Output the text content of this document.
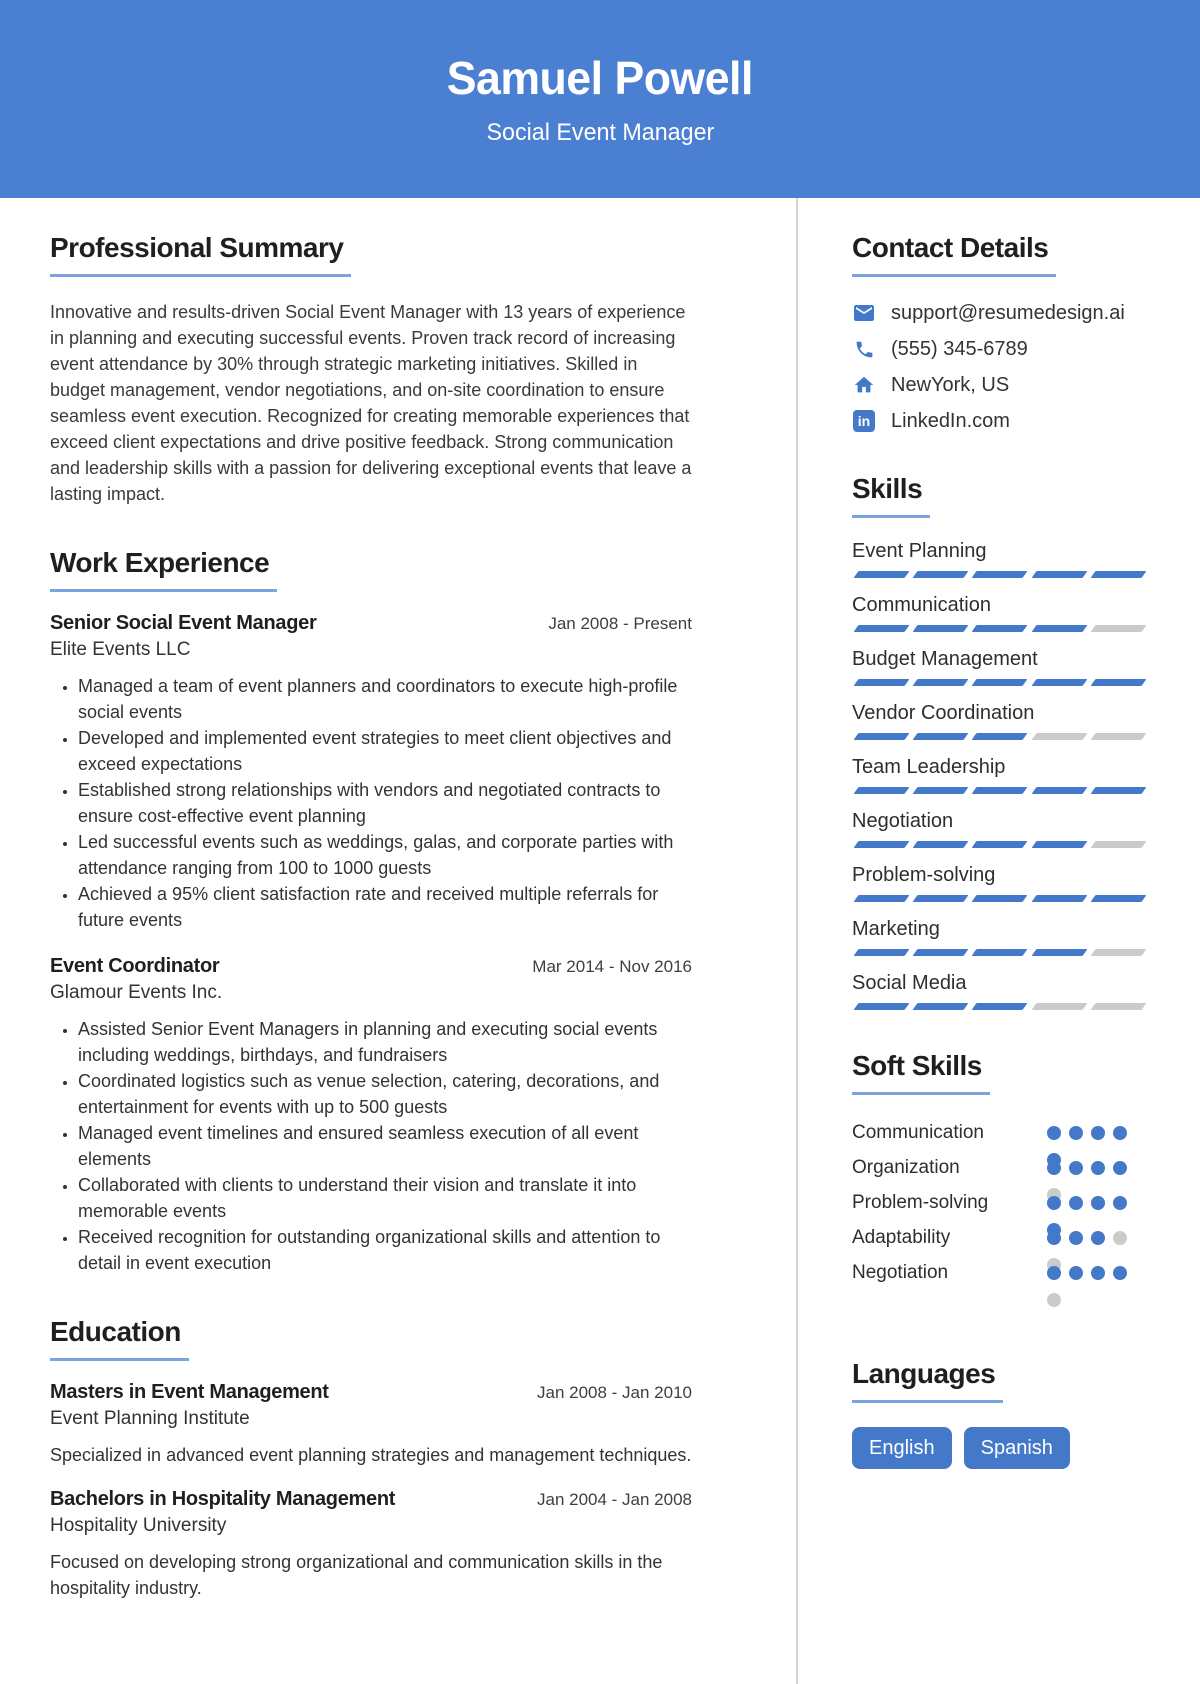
Samuel Powell
Social Event Manager
Professional Summary

Innovative and results-driven Social Event Manager with 13 years of experience in planning and executing successful events. Proven track record of increasing event attendance by 30% through strategic marketing initiatives. Skilled in budget management, vendor negotiations, and on-site coordination to ensure seamless event execution. Recognized for creating memorable experiences that exceed client expectations and drive positive feedback. Strong communication and leadership skills with a passion for delivering exceptional events that leave a lasting impact.

Work Experience
Senior Social Event Manager	Jan 2008 - Present
Elite Events LLC
• Managed a team of event planners and coordinators to execute high-profile social events
• Developed and implemented event strategies to meet client objectives and exceed expectations
• Established strong relationships with vendors and negotiated contracts to ensure cost-effective event planning
• Led successful events such as weddings, galas, and corporate parties with attendance ranging from 100 to 1000 guests
• Achieved a 95% client satisfaction rate and received multiple referrals for future events
Event Coordinator	Mar 2014 - Nov 2016
Glamour Events Inc.
• Assisted Senior Event Managers in planning and executing social events including weddings, birthdays, and fundraisers
• Coordinated logistics such as venue selection, catering, decorations, and entertainment for events with up to 500 guests
• Managed event timelines and ensured seamless execution of all event elements
• Collaborated with clients to understand their vision and translate it into memorable events
• Received recognition for outstanding organizational skills and attention to detail in event execution
Education
Masters in Event Management	Jan 2008 - Jan 2010
Event Planning Institute

Specialized in advanced event planning strategies and management techniques.

Bachelors in Hospitality Management	Jan 2004 - Jan 2008
Hospitality University

Focused on developing strong organizational and communication skills in the hospitality industry.

Contact Details
support@resumedesign.ai
(555) 345-6789
NewYork, US
in LinkedIn.com
Skills
Event Planning
Communication
Budget Management
Vendor Coordination
Team Leadership
Negotiation
Problem-solving
Marketing
Social Media
Soft Skills
Communication
Organization
Problem-solving
Adaptability
Negotiation
Languages
English	Spanish
